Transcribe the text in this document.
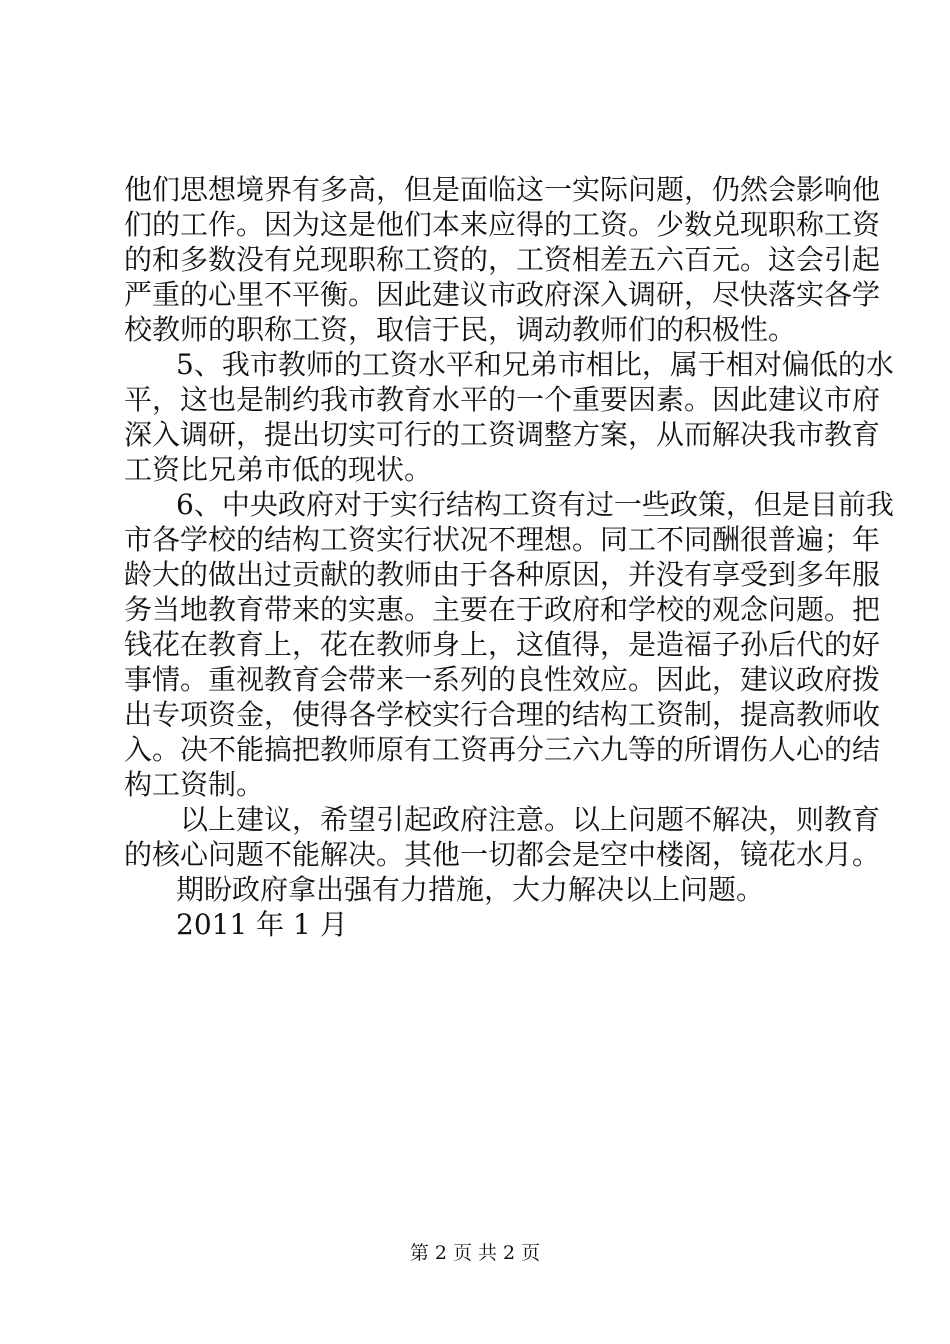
他们思想境界有多高，但是面临这一实际问题，仍然会影响他
们的工作。因为这是他们本来应得的工资。少数兑现职称工资
的和多数没有兑现职称工资的，工资相差五六百元。这会引起
严重的心里不平衡。因此建议市政府深入调研，尽快落实各学
校教师的职称工资，取信于民，调动教师们的积极性。
5、我市教师的工资水平和兄弟市相比，属于相对偏低的水
平，这也是制约我市教育水平的一个重要因素。因此建议市府
深入调研，提出切实可行的工资调整方案，从而解决我市教育
工资比兄弟市低的现状。
6、中央政府对于实行结构工资有过一些政策，但是目前我
市各学校的结构工资实行状况不理想。同工不同酬很普遍；年
龄大的做出过贡献的教师由于各种原因，并没有享受到多年服
务当地教育带来的实惠。主要在于政府和学校的观念问题。把
钱花在教育上，花在教师身上，这值得，是造福子孙后代的好
事情。重视教育会带来一系列的良性效应。因此，建议政府拨
出专项资金，使得各学校实行合理的结构工资制，提高教师收
入。决不能搞把教师原有工资再分三六九等的所谓伤人心的结
构工资制。
以上建议，希望引起政府注意。以上问题不解决，则教育
的核心问题不能解决。其他一切都会是空中楼阁，镜花水月。
期盼政府拿出强有力措施，大力解决以上问题。
2011 年 1 月
第 2 页 共 2 页
